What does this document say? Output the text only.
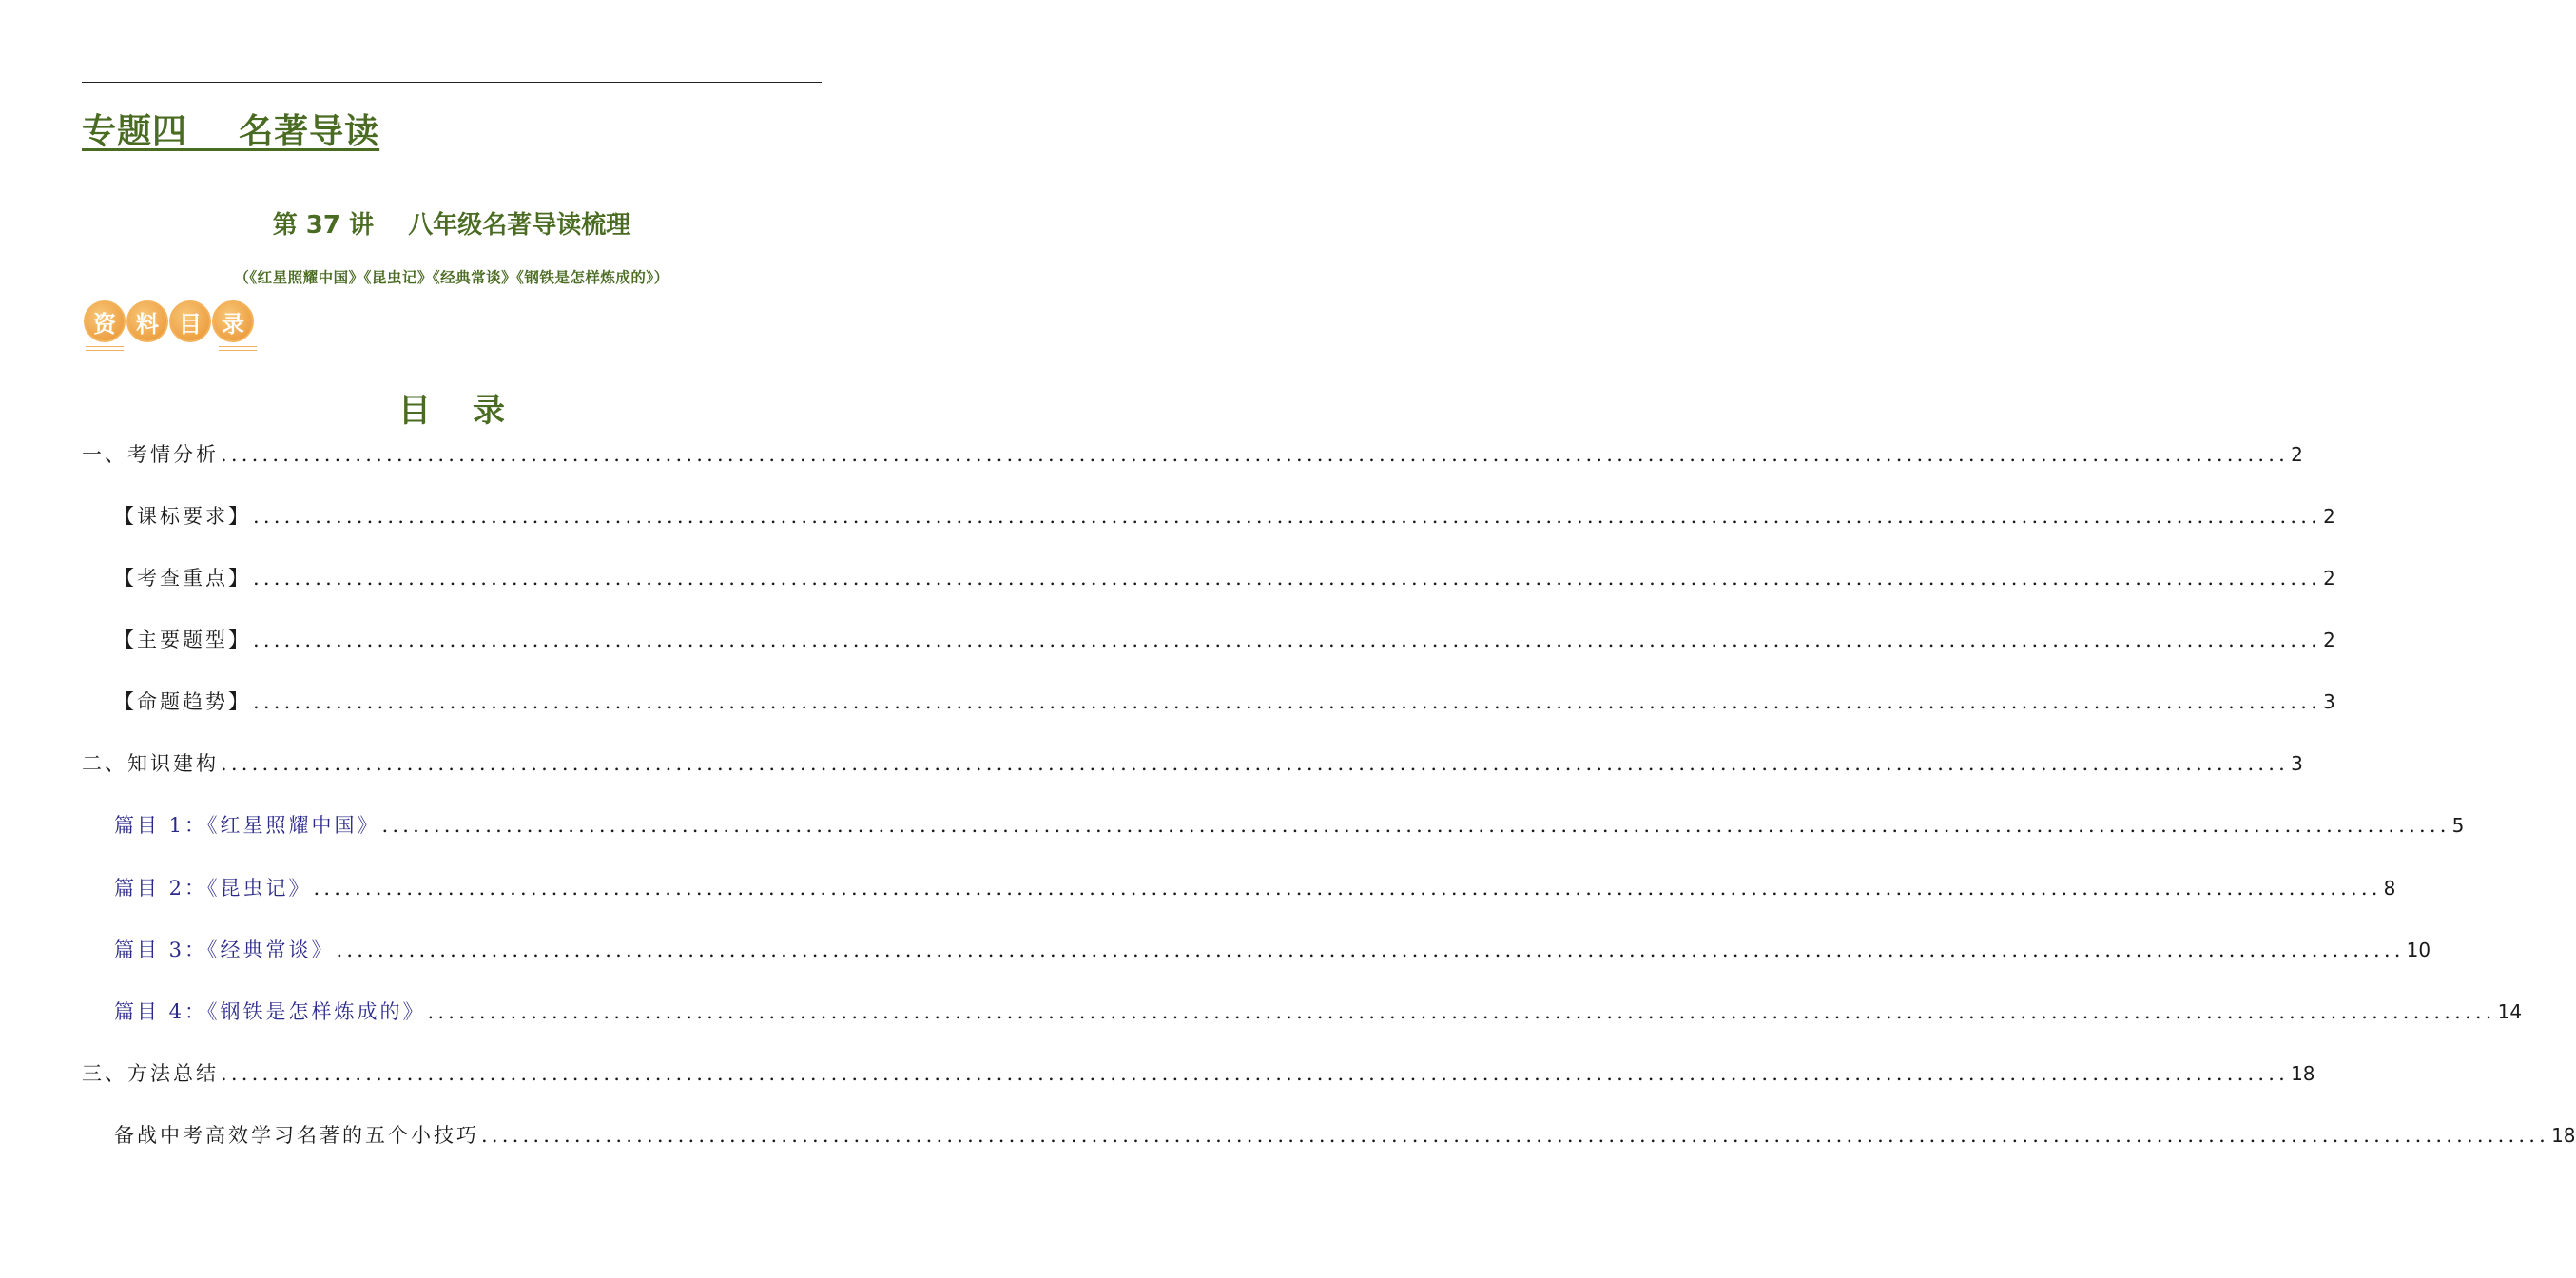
专题四    名著导读
第 37 讲    八年级名著导读梳理
（《红星照耀中国》《昆虫记》《经典常谈》《钢铁是怎样炼成的》）
资 料 目 录
目录
一、考情分析 ........................................................................................................................................................................................................ 2
【课标要求】 ........................................................................................................................................................................................................ 2
【考查重点】 ........................................................................................................................................................................................................ 2
【主要题型】 ........................................................................................................................................................................................................ 2
【命题趋势】 ........................................................................................................................................................................................................ 3
二、知识建构 ........................................................................................................................................................................................................ 3
篇目 1：《红星照耀中国》 ........................................................................................................................................................................................................ 5
篇目 2：《昆虫记》 ........................................................................................................................................................................................................ 8
篇目 3：《经典常谈》 ........................................................................................................................................................................................................ 10
篇目 4：《钢铁是怎样炼成的》 ........................................................................................................................................................................................................ 14
三、方法总结 ........................................................................................................................................................................................................ 18
备战中考高效学习名著的五个小技巧 ........................................................................................................................................................................................................ 18
